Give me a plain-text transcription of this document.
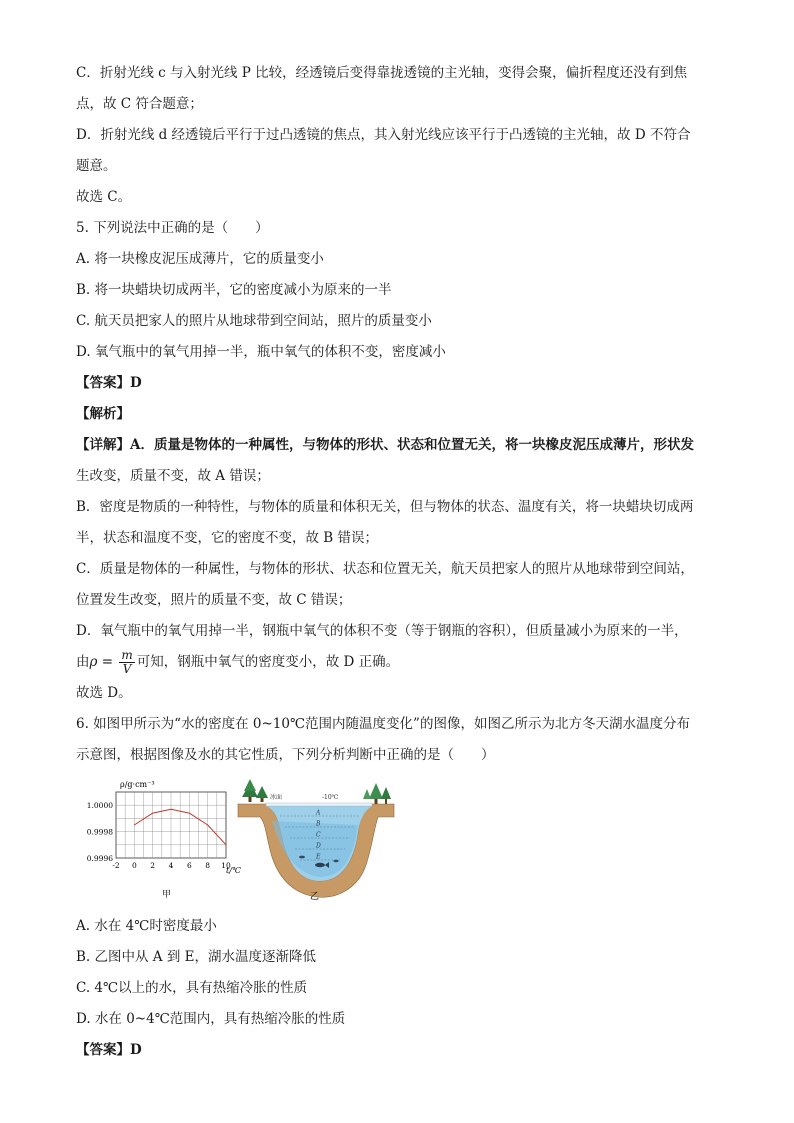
C．折射光线 c 与入射光线 P 比较，经透镜后变得靠拢透镜的主光轴，变得会聚，偏折程度还没有到焦
点，故 C 符合题意；
D．折射光线 d 经透镜后平行于过凸透镜的焦点，其入射光线应该平行于凸透镜的主光轴，故 D 不符合
题意。
故选 C。
5. 下列说法中正确的是（　　）
A. 将一块橡皮泥压成薄片，它的质量变小
B. 将一块蜡块切成两半，它的密度减小为原来的一半
C. 航天员把家人的照片从地球带到空间站，照片的质量变小
D. 氧气瓶中的氧气用掉一半，瓶中氧气的体积不变，密度减小
【答案】D
【解析】
【详解】A．质量是物体的一种属性，与物体的形状、状态和位置无关，将一块橡皮泥压成薄片，形状发
生改变，质量不变，故 A 错误；
B．密度是物质的一种特性，与物体的质量和体积无关，但与物体的状态、温度有关，将一块蜡块切成两
半，状态和温度不变，它的密度不变，故 B 错误；
C．质量是物体的一种属性，与物体的形状、状态和位置无关，航天员把家人的照片从地球带到空间站，
位置发生改变，照片的质量不变，故 C 错误；
D．氧气瓶中的氧气用掉一半，钢瓶中氧气的体积不变（等于钢瓶的容积），但质量减小为原来的一半，
由$\rho = \frac{m}{V}$ 可知，钢瓶中氧气的密度变小，故 D 正确。
故选 D。
6. 如图甲所示为“水的密度在 0~10℃范围内随温度变化”的图像，如图乙所示为北方冬天湖水温度分布
示意图，根据图像及水的其它性质，下列分析判断中正确的是（　　）
1.0000
0.9998
0.9996
-2 0 2 4 6 8 10
ρ/g·cm⁻³
t/℃
甲
冰面	-10℃
A
B
C
D
E
乙
A. 水在 4℃时密度最小
B. 乙图中从 A 到 E，湖水温度逐渐降低
C. 4℃以上的水，具有热缩冷胀的性质
D. 水在 0~4℃范围内，具有热缩冷胀的性质
【答案】D
